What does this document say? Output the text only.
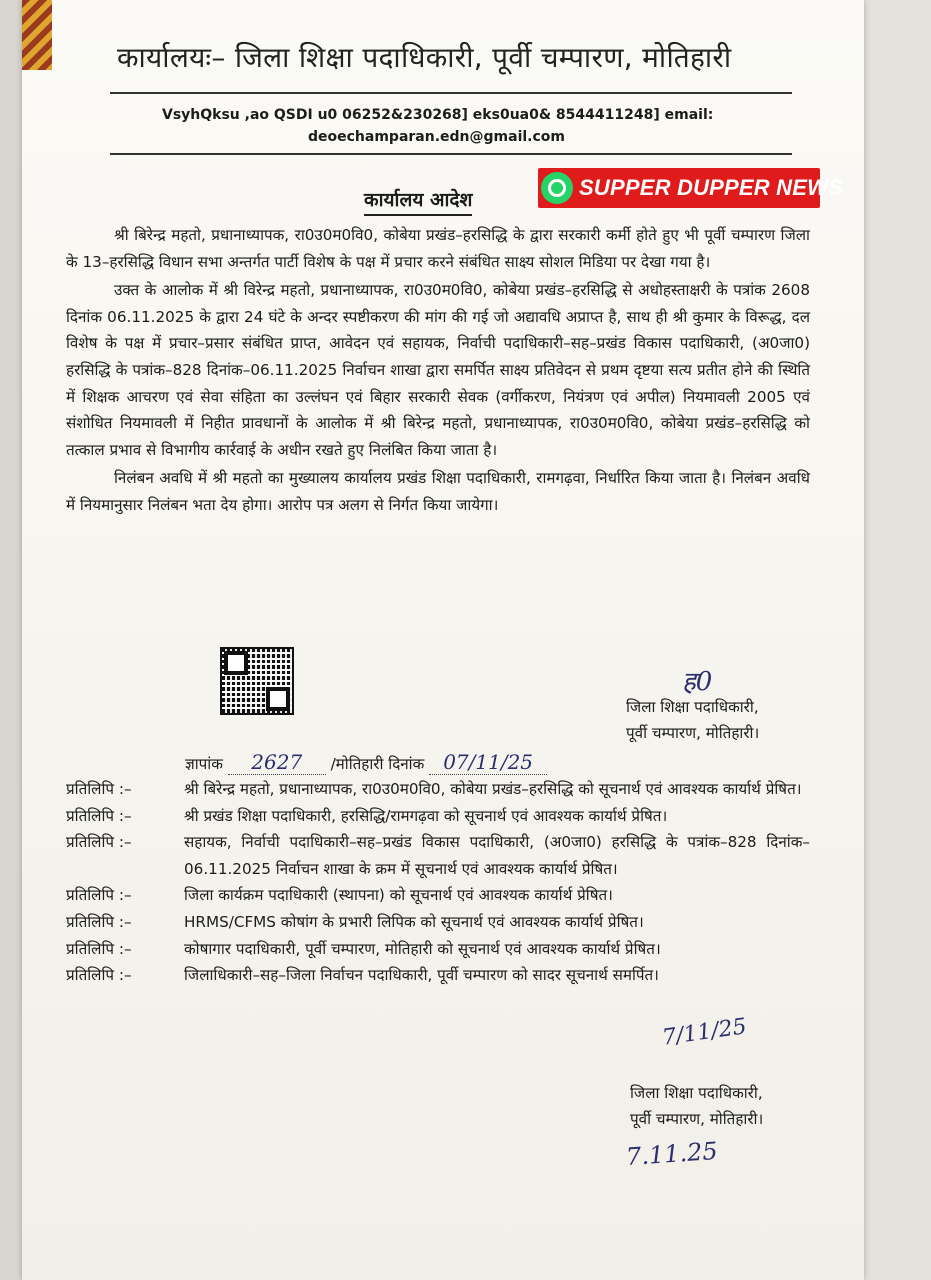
कार्यालयः– जिला शिक्षा पदाधिकारी, पूर्वी चम्पारण, मोतिहारी
VsyhQksu ,ao QSDI u0 06252&230268] eks0ua0& 8544411248] email:
deoechamparan.edn@gmail.com
कार्यालय आदेश	SUPPER DUPPER NEWS

श्री बिरेन्द्र महतो, प्रधानाध्यापक, रा0उ0म0वि0, कोबेया प्रखंड–हरसिद्धि के द्वारा सरकारी कर्मी होते हुए भी पूर्वी चम्पारण जिला के 13–हरसिद्धि विधान सभा अन्तर्गत पार्टी विशेष के पक्ष में प्रचार करने संबंधित साक्ष्य सोशल मिडिया पर देखा गया है।

उक्त के आलोक में श्री विरेन्द्र महतो, प्रधानाध्यापक, रा0उ0म0वि0, कोबेया प्रखंड–हरसिद्धि से अधोहस्ताक्षरी के पत्रांक 2608 दिनांक 06.11.2025 के द्वारा 24 घंटे के अन्दर स्पष्टीकरण की मांग की गई जो अद्यावधि अप्राप्त है, साथ ही श्री कुमार के विरूद्ध, दल विशेष के पक्ष में प्रचार–प्रसार संबंधित प्राप्त, आवेदन एवं सहायक, निर्वाची पदाधिकारी–सह–प्रखंड विकास पदाधिकारी, (अ0जा0) हरसिद्धि के पत्रांक–828 दिनांक–06.11.2025 निर्वाचन शाखा द्वारा समर्पित साक्ष्य प्रतिवेदन से प्रथम दृष्टया सत्य प्रतीत होने की स्थिति में शिक्षक आचरण एवं सेवा संहिता का उल्लंघन एवं बिहार सरकारी सेवक (वर्गीकरण, नियंत्रण एवं अपील) नियमावली 2005 एवं संशोधित नियमावली में निहीत प्रावधानों के आलोक में श्री बिरेन्द्र महतो, प्रधानाध्यापक, रा0उ0म0वि0, कोबेया प्रखंड–हरसिद्धि को तत्काल प्रभाव से विभागीय कार्रवाई के अधीन रखते हुए निलंबित किया जाता है।

निलंबन अवधि में श्री महतो का मुख्यालय कार्यालय प्रखंड शिक्षा पदाधिकारी, रामगढ़वा, निर्धारित किया जाता है। निलंबन अवधि में नियमानुसार निलंबन भता देय होगा। आरोप पत्र अलग से निर्गत किया जायेगा।

ह0
जिला शिक्षा पदाधिकारी,
पूर्वी चम्पारण, मोतिहारी।
ज्ञापांक 2627 /मोतिहारी दिनांक 07/11/25
प्रतिलिपि :–	श्री बिरेन्द्र महतो, प्रधानाध्यापक, रा0उ0म0वि0, कोबेया प्रखंड–हरसिद्धि को सूचनार्थ एवं आवश्यक कार्यार्थ प्रेषित।
प्रतिलिपि :–	श्री प्रखंड शिक्षा पदाधिकारी, हरसिद्धि/रामगढ़वा को सूचनार्थ एवं आवश्यक कार्यार्थ प्रेषित।
प्रतिलिपि :–	सहायक, निर्वाची पदाधिकारी–सह–प्रखंड विकास पदाधिकारी, (अ0जा0) हरसिद्धि के पत्रांक–828 दिनांक–06.11.2025 निर्वाचन शाखा के क्रम में सूचनार्थ एवं आवश्यक कार्यार्थ प्रेषित।
प्रतिलिपि :–	जिला कार्यक्रम पदाधिकारी (स्थापना) को सूचनार्थ एवं आवश्यक कार्यार्थ प्रेषित।
प्रतिलिपि :–	HRMS/CFMS कोषांग के प्रभारी लिपिक को सूचनार्थ एवं आवश्यक कार्यार्थ प्रेषित।
प्रतिलिपि :–	कोषागार पदाधिकारी, पूर्वी चम्पारण, मोतिहारी को सूचनार्थ एवं आवश्यक कार्यार्थ प्रेषित।
प्रतिलिपि :–	जिलाधिकारी–सह–जिला निर्वाचन पदाधिकारी, पूर्वी चम्पारण को सादर सूचनार्थ समर्पित।
7/11/25
जिला शिक्षा पदाधिकारी,
पूर्वी चम्पारण, मोतिहारी।
7.11.25
